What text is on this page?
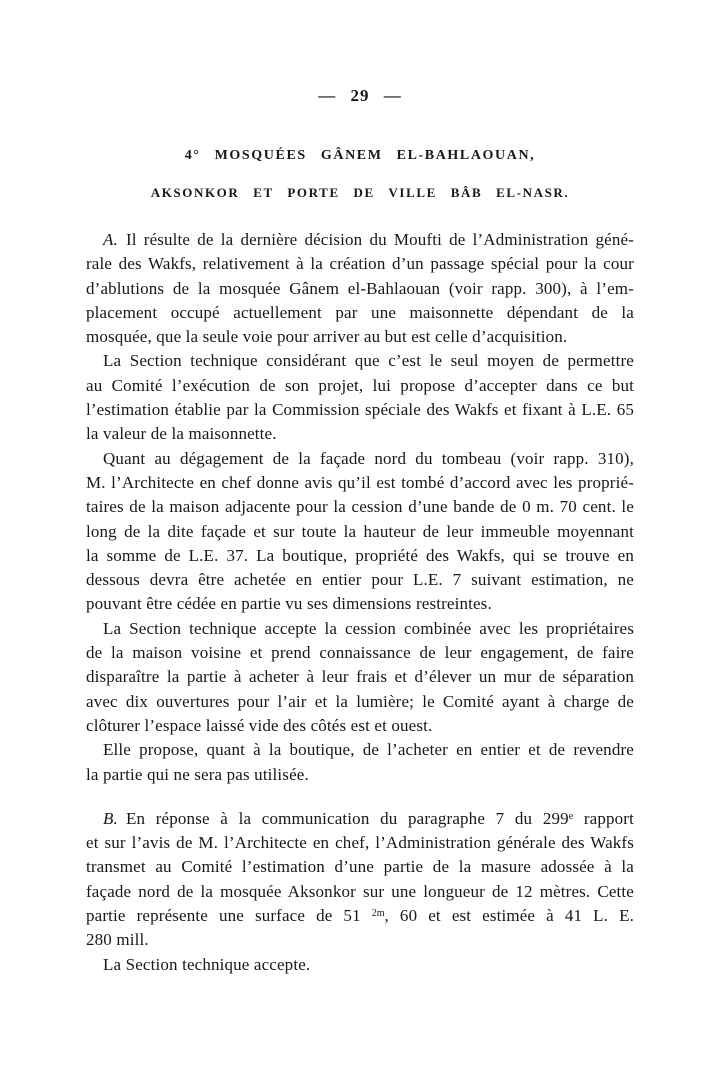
— 29 —
4° MOSQUÉES GÂNEM EL-BAHLAOUAN,
AKSONKOR ET PORTE DE VILLE BÂB EL-NASR.
A. Il résulte de la dernière décision du Moufti de l’Administration géné-
rale des Wakfs, relativement à la création d’un passage spécial pour la cour
d’ablutions de la mosquée Gânem el-Bahlaouan (voir rapp. 300), à l’em-
placement occupé actuellement par une maisonnette dépendant de la
mosquée, que la seule voie pour arriver au but est celle d’acquisition.
La Section technique considérant que c’est le seul moyen de permettre
au Comité l’exécution de son projet, lui propose d’accepter dans ce but
l’estimation établie par la Commission spéciale des Wakfs et fixant à L.E. 65
la valeur de la maisonnette.
Quant au dégagement de la façade nord du tombeau (voir rapp. 310),
M. l’Architecte en chef donne avis qu’il est tombé d’accord avec les proprié-
taires de la maison adjacente pour la cession d’une bande de 0 m. 70 cent. le
long de la dite façade et sur toute la hauteur de leur immeuble moyennant
la somme de L.E. 37. La boutique, propriété des Wakfs, qui se trouve en
dessous devra être achetée en entier pour L.E. 7 suivant estimation, ne
pouvant être cédée en partie vu ses dimensions restreintes.
La Section technique accepte la cession combinée avec les propriétaires
de la maison voisine et prend connaissance de leur engagement, de faire
disparaître la partie à acheter à leur frais et d’élever un mur de séparation
avec dix ouvertures pour l’air et la lumière; le Comité ayant à charge de
clôturer l’espace laissé vide des côtés est et ouest.
Elle propose, quant à la boutique, de l’acheter en entier et de revendre
la partie qui ne sera pas utilisée.
B. En réponse à la communication du paragraphe 7 du 299e rapport
et sur l’avis de M. l’Architecte en chef, l’Administration générale des Wakfs
transmet au Comité l’estimation d’une partie de la masure adossée à la
façade nord de la mosquée Aksonkor sur une longueur de 12 mètres. Cette
partie représente une surface de 51 $^{2m}$, 60 et est estimée à 41 L. E.
280 mill.
La Section technique accepte.
